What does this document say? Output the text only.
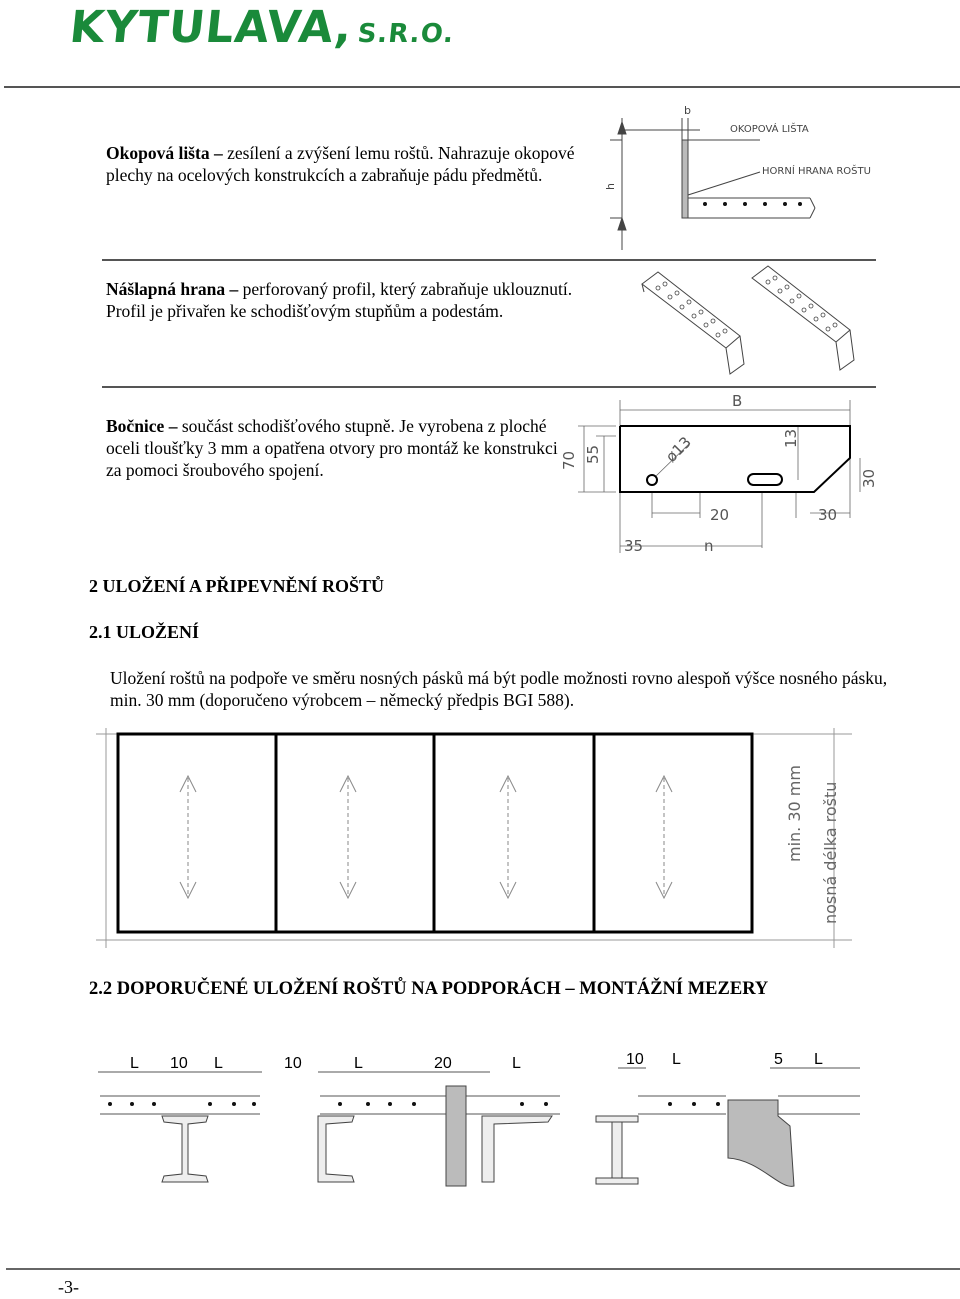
KYTULAVA,S.R.O.
Okopová lišta – zesílení a zvýšení lemu roštů. Nahrazuje okopové plechy na ocelových konstrukcích a zabraňuje pádu předmětů.
b
h
OKOPOVÁ LIŠTA
HORNÍ HRANA ROŠTU
Nášlapná hrana – perforovaný profil, který zabraňuje uklouznutí. Profil je přivařen ke schodišťovým stupňům a podestám.
Bočnice – součást schodišťového stupně. Je vyrobena z ploché oceli tloušťky 3 mm a opatřena otvory pro montáž ke konstrukci za pomoci šroubového spojení.
B
ø13
70 55
13
30
20	30
35	n
2 ULOŽENÍ A PŘIPEVNĚNÍ ROŠTŮ
2.1 ULOŽENÍ
Uložení roštů na podpoře ve směru nosných pásků má být podle možnosti rovno alespoň výšce nosného pásku, min. 30 mm (doporučeno výrobcem – německý předpis BGI 588).
min. 30 mm nosná délka roštu
2.2 DOPORUČENÉ ULOŽENÍ ROŠTŮ NA PODPORÁCH – MONTÁŽNÍ MEZERY
L 10 L	10	L	20	L	10 L	5 L
-3-
